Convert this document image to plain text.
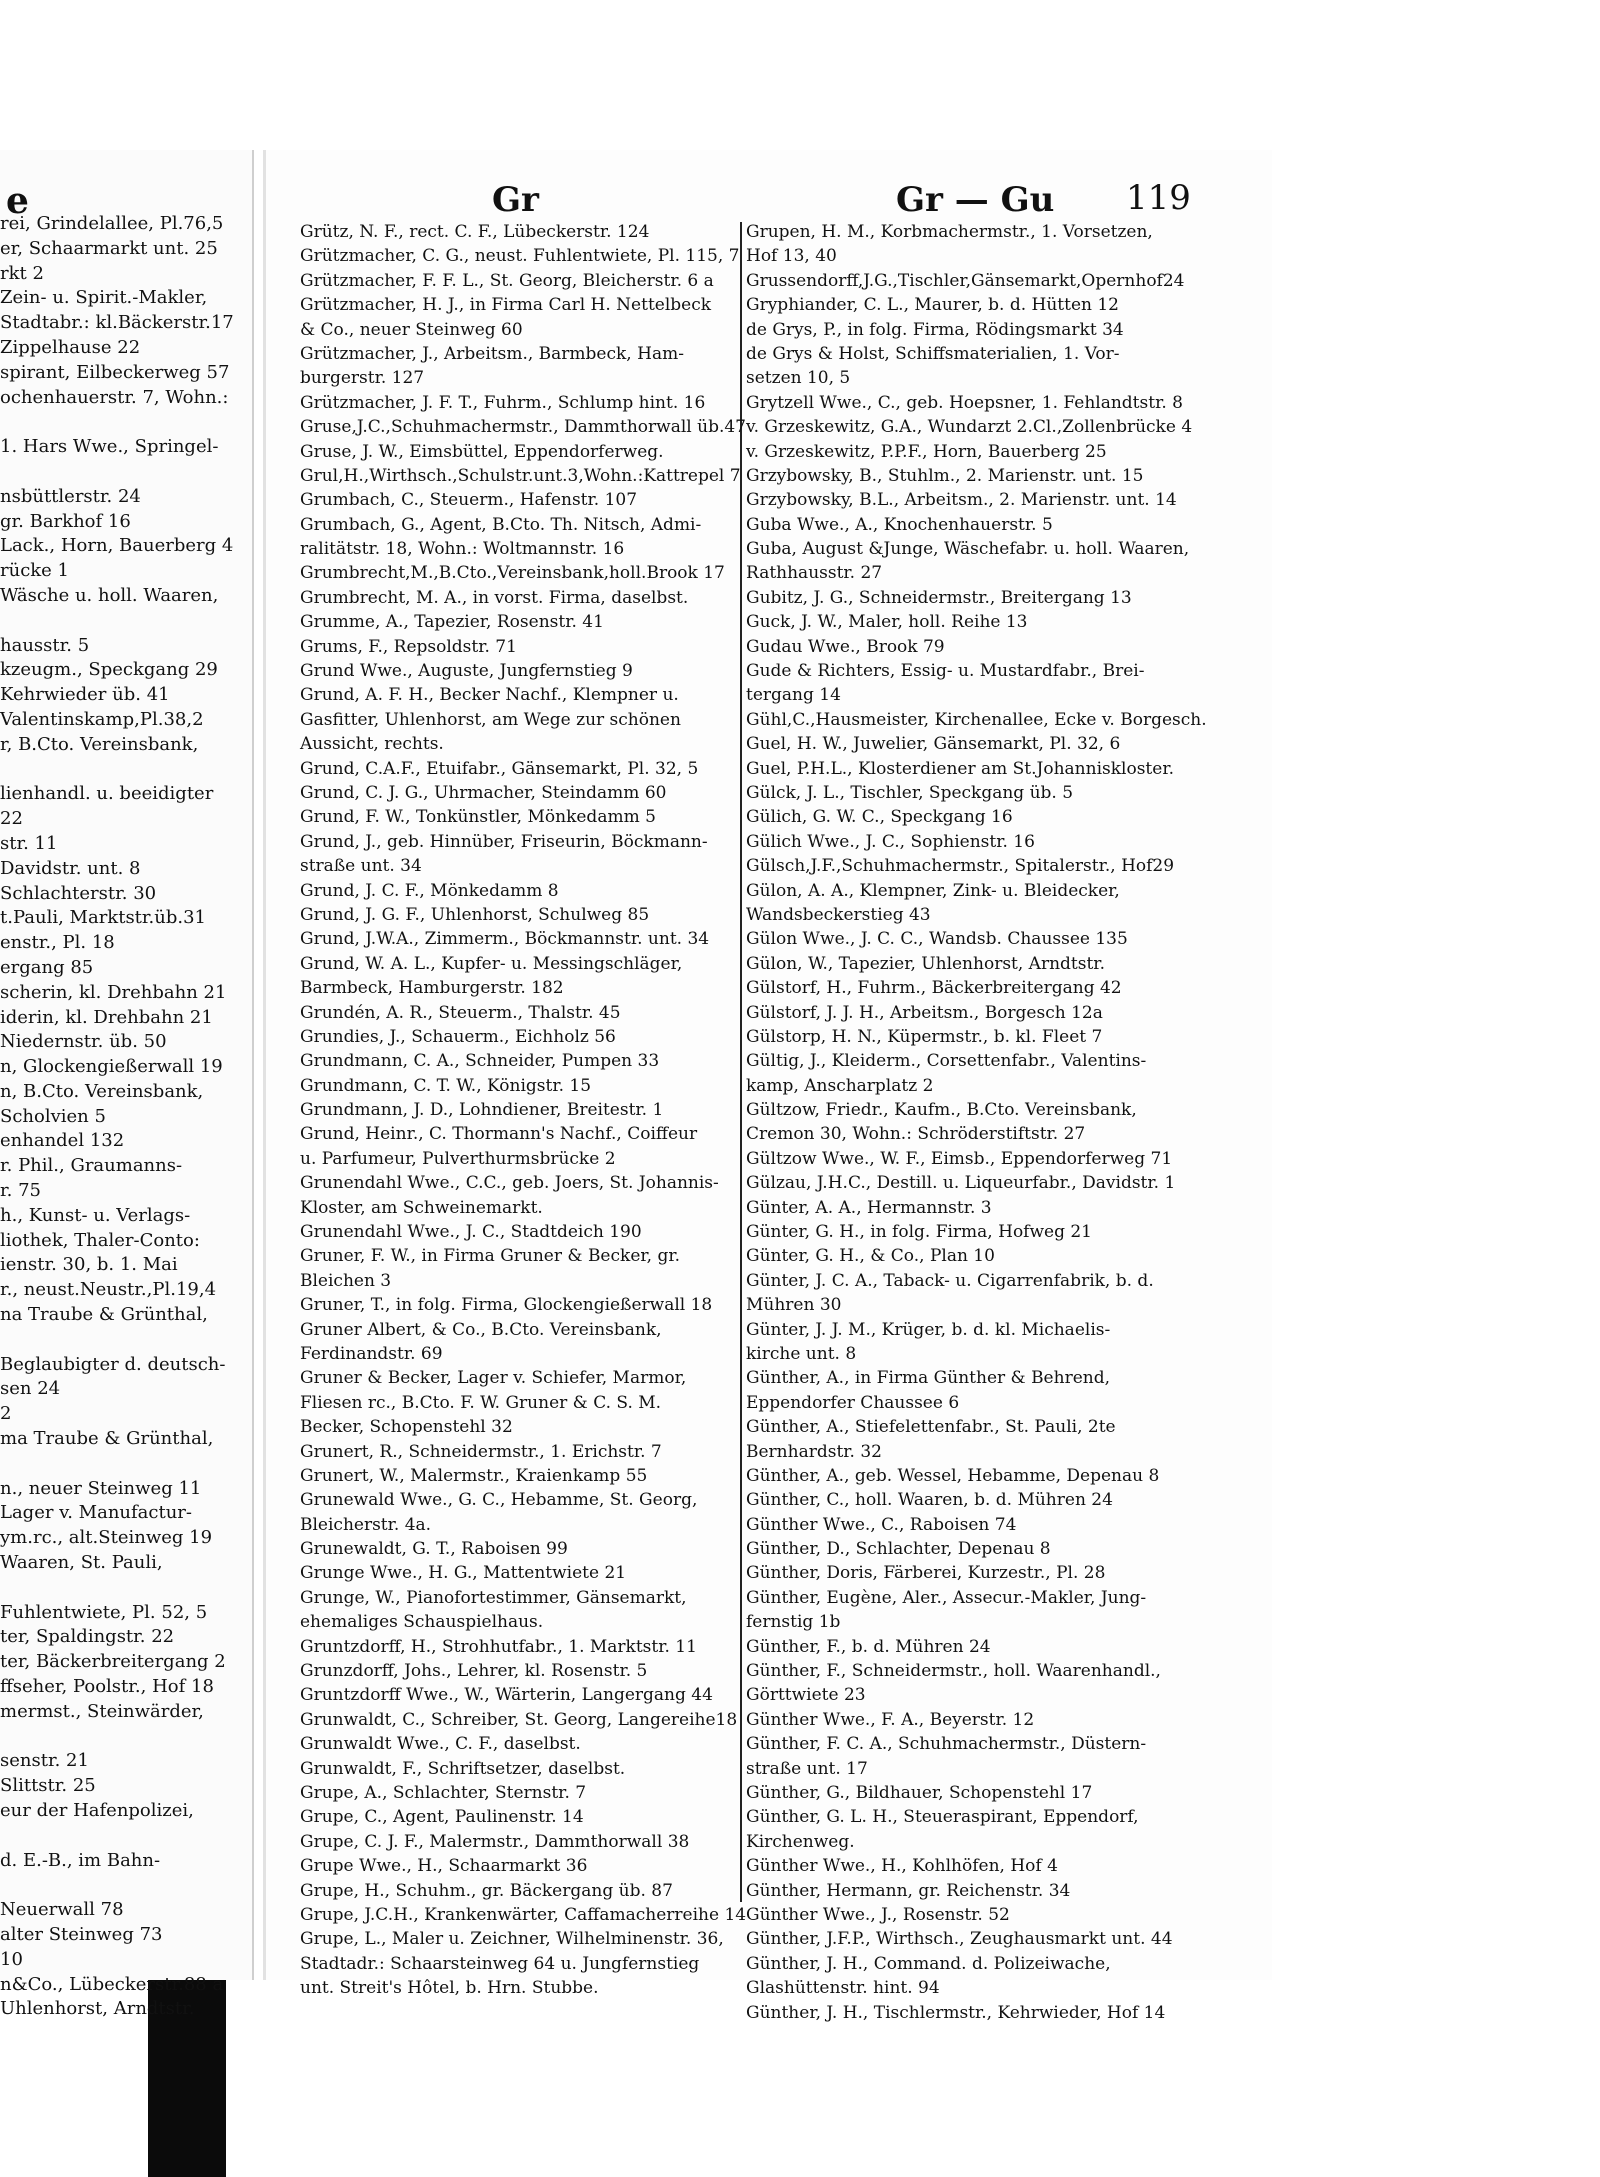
e
rei, Grindelallee, Pl.76,5
er, Schaarmarkt unt. 25
rkt 2
Zein- u. Spirit.-Makler,
Stadtabr.: kl.Bäckerstr.17
Zippelhause 22
spirant, Eilbeckerweg 57
ochenhauerstr. 7, Wohn.:
1. Hars Wwe., Springel-
nsbüttlerstr. 24
gr. Barkhof 16
Lack., Horn, Bauerberg 4
rücke 1
Wäsche u. holl. Waaren,
hausstr. 5
kzeugm., Speckgang 29
Kehrwieder üb. 41
Valentinskamp,Pl.38,2
r, B.Cto. Vereinsbank,
lienhandl. u. beeidigter
22
str. 11
Davidstr. unt. 8
Schlachterstr. 30
t.Pauli, Marktstr.üb.31
enstr., Pl. 18
ergang 85
scherin, kl. Drehbahn 21
iderin, kl. Drehbahn 21
Niedernstr. üb. 50
n, Glockengießerwall 19
n, B.Cto. Vereinsbank,
Scholvien 5
enhandel 132
r. Phil., Graumanns-
r. 75
h., Kunst- u. Verlags-
liothek, Thaler-Conto:
ienstr. 30, b. 1. Mai
r., neust.Neustr.,Pl.19,4
na Traube & Grünthal,
Beglaubigter d. deutsch-
sen 24
2
ma Traube & Grünthal,
n., neuer Steinweg 11
Lager v. Manufactur-
ym.rc., alt.Steinweg 19
Waaren, St. Pauli,
Fuhlentwiete, Pl. 52, 5
ter, Spaldingstr. 22
ter, Bäckerbreitergang 2
ffseher, Poolstr., Hof 18
mermst., Steinwärder,
senstr. 21
Slittstr. 25
eur der Hafenpolizei,
d. E.-B., im Bahn-
Neuerwall 78
alter Steinweg 73
10
n&Co., Lübeckerstr.88 a
Uhlenhorst, Arndtstr.
Gr	Gr — Gu 119
Grütz, N. F., rect. C. F., Lübeckerstr. 124
Grützmacher, C. G., neust. Fuhlentwiete, Pl. 115, 7
Grützmacher, F. F. L., St. Georg, Bleicherstr. 6 a
Grützmacher, H. J., in Firma Carl H. Nettelbeck
& Co., neuer Steinweg 60
Grützmacher, J., Arbeitsm., Barmbeck, Ham-
burgerstr. 127
Grützmacher, J. F. T., Fuhrm., Schlump hint. 16
Gruse,J.C.,Schuhmachermstr., Dammthorwall üb.47
Gruse, J. W., Eimsbüttel, Eppendorferweg.
Grul,H.,Wirthsch.,Schulstr.unt.3,Wohn.:Kattrepel 7
Grumbach, C., Steuerm., Hafenstr. 107
Grumbach, G., Agent, B.Cto. Th. Nitsch, Admi-
ralitätstr. 18, Wohn.: Woltmannstr. 16
Grumbrecht,M.,B.Cto.,Vereinsbank,holl.Brook 17
Grumbrecht, M. A., in vorst. Firma, daselbst.
Grumme, A., Tapezier, Rosenstr. 41
Grums, F., Repsoldstr. 71
Grund Wwe., Auguste, Jungfernstieg 9
Grund, A. F. H., Becker Nachf., Klempner u.
Gasfitter, Uhlenhorst, am Wege zur schönen
Aussicht, rechts.
Grund, C.A.F., Etuifabr., Gänsemarkt, Pl. 32, 5
Grund, C. J. G., Uhrmacher, Steindamm 60
Grund, F. W., Tonkünstler, Mönkedamm 5
Grund, J., geb. Hinnüber, Friseurin, Böckmann-
straße unt. 34
Grund, J. C. F., Mönkedamm 8
Grund, J. G. F., Uhlenhorst, Schulweg 85
Grund, J.W.A., Zimmerm., Böckmannstr. unt. 34
Grund, W. A. L., Kupfer- u. Messingschläger,
Barmbeck, Hamburgerstr. 182
Grundén, A. R., Steuerm., Thalstr. 45
Grundies, J., Schauerm., Eichholz 56
Grundmann, C. A., Schneider, Pumpen 33
Grundmann, C. T. W., Königstr. 15
Grundmann, J. D., Lohndiener, Breitestr. 1
Grund, Heinr., C. Thormann's Nachf., Coiffeur
u. Parfumeur, Pulverthurmsbrücke 2
Grunendahl Wwe., C.C., geb. Joers, St. Johannis-
Kloster, am Schweinemarkt.
Grunendahl Wwe., J. C., Stadtdeich 190
Gruner, F. W., in Firma Gruner & Becker, gr.
Bleichen 3
Gruner, T., in folg. Firma, Glockengießerwall 18
Gruner Albert, & Co., B.Cto. Vereinsbank,
Ferdinandstr. 69
Gruner & Becker, Lager v. Schiefer, Marmor,
Fliesen rc., B.Cto. F. W. Gruner & C. S. M.
Becker, Schopenstehl 32
Grunert, R., Schneidermstr., 1. Erichstr. 7
Grunert, W., Malermstr., Kraienkamp 55
Grunewald Wwe., G. C., Hebamme, St. Georg,
Bleicherstr. 4a.
Grunewaldt, G. T., Raboisen 99
Grunge Wwe., H. G., Mattentwiete 21
Grunge, W., Pianofortestimmer, Gänsemarkt,
ehemaliges Schauspielhaus.
Gruntzdorff, H., Strohhutfabr., 1. Marktstr. 11
Grunzdorff, Johs., Lehrer, kl. Rosenstr. 5
Gruntzdorff Wwe., W., Wärterin, Langergang 44
Grunwaldt, C., Schreiber, St. Georg, Langereihe18
Grunwaldt Wwe., C. F., daselbst.
Grunwaldt, F., Schriftsetzer, daselbst.
Grupe, A., Schlachter, Sternstr. 7
Grupe, C., Agent, Paulinenstr. 14
Grupe, C. J. F., Malermstr., Dammthorwall 38
Grupe Wwe., H., Schaarmarkt 36
Grupe, H., Schuhm., gr. Bäckergang üb. 87
Grupe, J.C.H., Krankenwärter, Caffamacherreihe 14
Grupe, L., Maler u. Zeichner, Wilhelminenstr. 36,
Stadtadr.: Schaarsteinweg 64 u. Jungfernstieg
unt. Streit's Hôtel, b. Hrn. Stubbe.
Grupen, H. M., Korbmachermstr., 1. Vorsetzen,
Hof 13, 40
Grussendorff,J.G.,Tischler,Gänsemarkt,Opernhof24
Gryphiander, C. L., Maurer, b. d. Hütten 12
de Grys, P., in folg. Firma, Rödingsmarkt 34
de Grys & Holst, Schiffsmaterialien, 1. Vor-
setzen 10, 5
Grytzell Wwe., C., geb. Hoepsner, 1. Fehlandtstr. 8
v. Grzeskewitz, G.A., Wundarzt 2.Cl.,Zollenbrücke 4
v. Grzeskewitz, P.P.F., Horn, Bauerberg 25
Grzybowsky, B., Stuhlm., 2. Marienstr. unt. 15
Grzybowsky, B.L., Arbeitsm., 2. Marienstr. unt. 14
Guba Wwe., A., Knochenhauerstr. 5
Guba, August &Junge, Wäschefabr. u. holl. Waaren,
Rathhausstr. 27
Gubitz, J. G., Schneidermstr., Breitergang 13
Guck, J. W., Maler, holl. Reihe 13
Gudau Wwe., Brook 79
Gude & Richters, Essig- u. Mustardfabr., Brei-
tergang 14
Gühl,C.,Hausmeister, Kirchenallee, Ecke v. Borgesch.
Guel, H. W., Juwelier, Gänsemarkt, Pl. 32, 6
Guel, P.H.L., Klosterdiener am St.Johanniskloster.
Gülck, J. L., Tischler, Speckgang üb. 5
Gülich, G. W. C., Speckgang 16
Gülich Wwe., J. C., Sophienstr. 16
Gülsch,J.F.,Schuhmachermstr., Spitalerstr., Hof29
Gülon, A. A., Klempner, Zink- u. Bleidecker,
Wandsbeckerstieg 43
Gülon Wwe., J. C. C., Wandsb. Chaussee 135
Gülon, W., Tapezier, Uhlenhorst, Arndtstr.
Gülstorf, H., Fuhrm., Bäckerbreitergang 42
Gülstorf, J. J. H., Arbeitsm., Borgesch 12a
Gülstorp, H. N., Küpermstr., b. kl. Fleet 7
Gültig, J., Kleiderm., Corsettenfabr., Valentins-
kamp, Anscharplatz 2
Gültzow, Friedr., Kaufm., B.Cto. Vereinsbank,
Cremon 30, Wohn.: Schröderstiftstr. 27
Gültzow Wwe., W. F., Eimsb., Eppendorferweg 71
Gülzau, J.H.C., Destill. u. Liqueurfabr., Davidstr. 1
Günter, A. A., Hermannstr. 3
Günter, G. H., in folg. Firma, Hofweg 21
Günter, G. H., & Co., Plan 10
Günter, J. C. A., Taback- u. Cigarrenfabrik, b. d.
Mühren 30
Günter, J. J. M., Krüger, b. d. kl. Michaelis-
kirche unt. 8
Günther, A., in Firma Günther & Behrend,
Eppendorfer Chaussee 6
Günther, A., Stiefelettenfabr., St. Pauli, 2te
Bernhardstr. 32
Günther, A., geb. Wessel, Hebamme, Depenau 8
Günther, C., holl. Waaren, b. d. Mühren 24
Günther Wwe., C., Raboisen 74
Günther, D., Schlachter, Depenau 8
Günther, Doris, Färberei, Kurzestr., Pl. 28
Günther, Eugène, Aler., Assecur.-Makler, Jung-
fernstig 1b
Günther, F., b. d. Mühren 24
Günther, F., Schneidermstr., holl. Waarenhandl.,
Görttwiete 23
Günther Wwe., F. A., Beyerstr. 12
Günther, F. C. A., Schuhmachermstr., Düstern-
straße unt. 17
Günther, G., Bildhauer, Schopenstehl 17
Günther, G. L. H., Steueraspirant, Eppendorf,
Kirchenweg.
Günther Wwe., H., Kohlhöfen, Hof 4
Günther, Hermann, gr. Reichenstr. 34
Günther Wwe., J., Rosenstr. 52
Günther, J.F.P., Wirthsch., Zeughausmarkt unt. 44
Günther, J. H., Command. d. Polizeiwache,
Glashüttenstr. hint. 94
Günther, J. H., Tischlermstr., Kehrwieder, Hof 14
